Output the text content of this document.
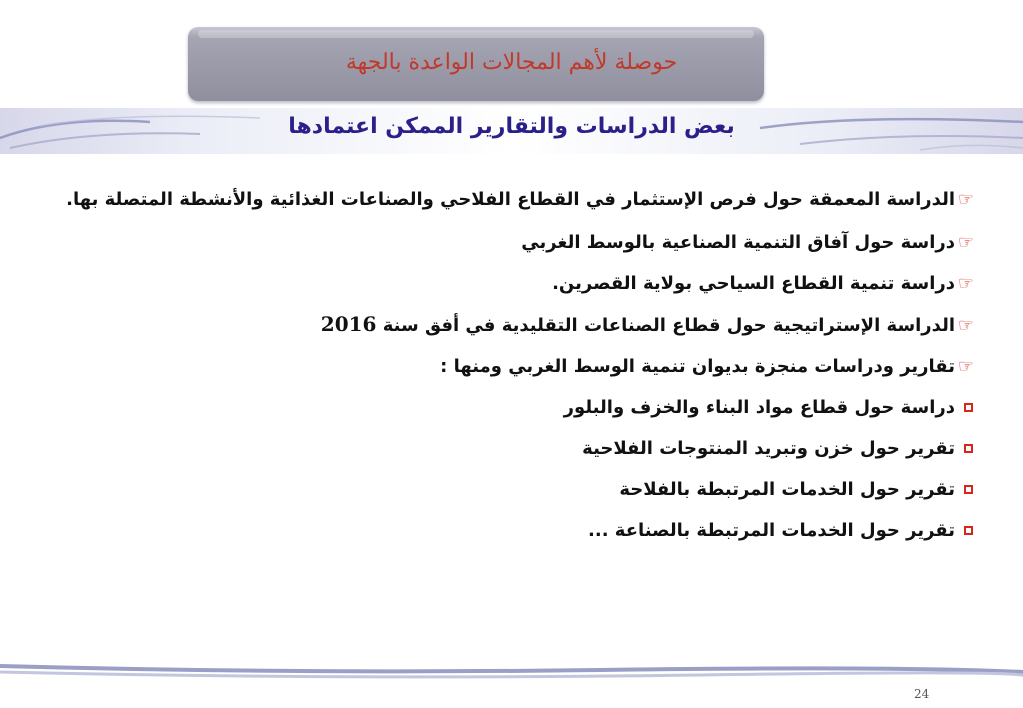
حوصلة لأهم المجالات الواعدة بالجهة
بعض الدراسات والتقارير الممكن اعتمادها

☞الدراسة المعمقة حول فرص الإستثمار في القطاع الفلاحي والصناعات الغذائية والأنشطة المتصلة بها.

☞دراسة حول آفاق التنمية الصناعية بالوسط الغربي

☞دراسة تنمية القطاع السياحي بولاية القصرين.

☞الدراسة الإستراتيجية حول قطاع الصناعات التقليدية في أفق سنة 2016

☞تقارير ودراسات منجزة بديوان تنمية الوسط الغربي ومنها :

دراسة حول قطاع مواد البناء والخزف والبلور

تقرير حول خزن وتبريد المنتوجات الفلاحية

تقرير حول الخدمات المرتبطة بالفلاحة

تقرير حول الخدمات المرتبطة بالصناعة ...

24
